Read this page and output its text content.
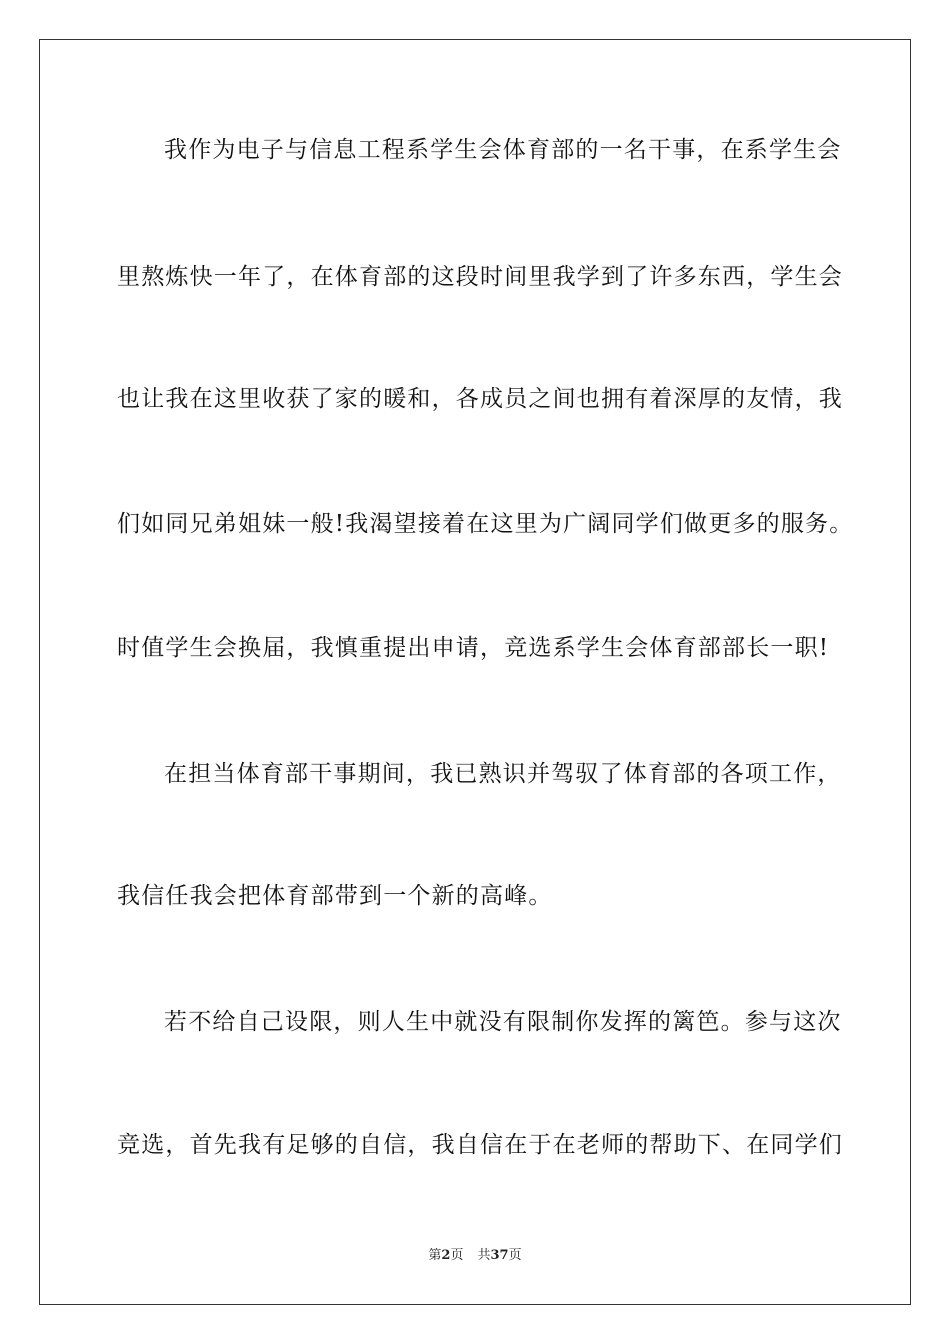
我作为电子与信息工程系学生会体育部的一名干事，在系学生会
里熬炼快一年了，在体育部的这段时间里我学到了许多东西，学生会
也让我在这里收获了家的暖和，各成员之间也拥有着深厚的友情，我
们如同兄弟姐妹一般!我渴望接着在这里为广阔同学们做更多的服务。
时值学生会换届，我慎重提出申请，竞选系学生会体育部部长一职!
在担当体育部干事期间，我已熟识并驾驭了体育部的各项工作，
我信任我会把体育部带到一个新的高峰。
若不给自己设限，则人生中就没有限制你发挥的篱笆。参与这次
竞选，首先我有足够的自信，我自信在于在老师的帮助下、在同学们
第2页 共37页
